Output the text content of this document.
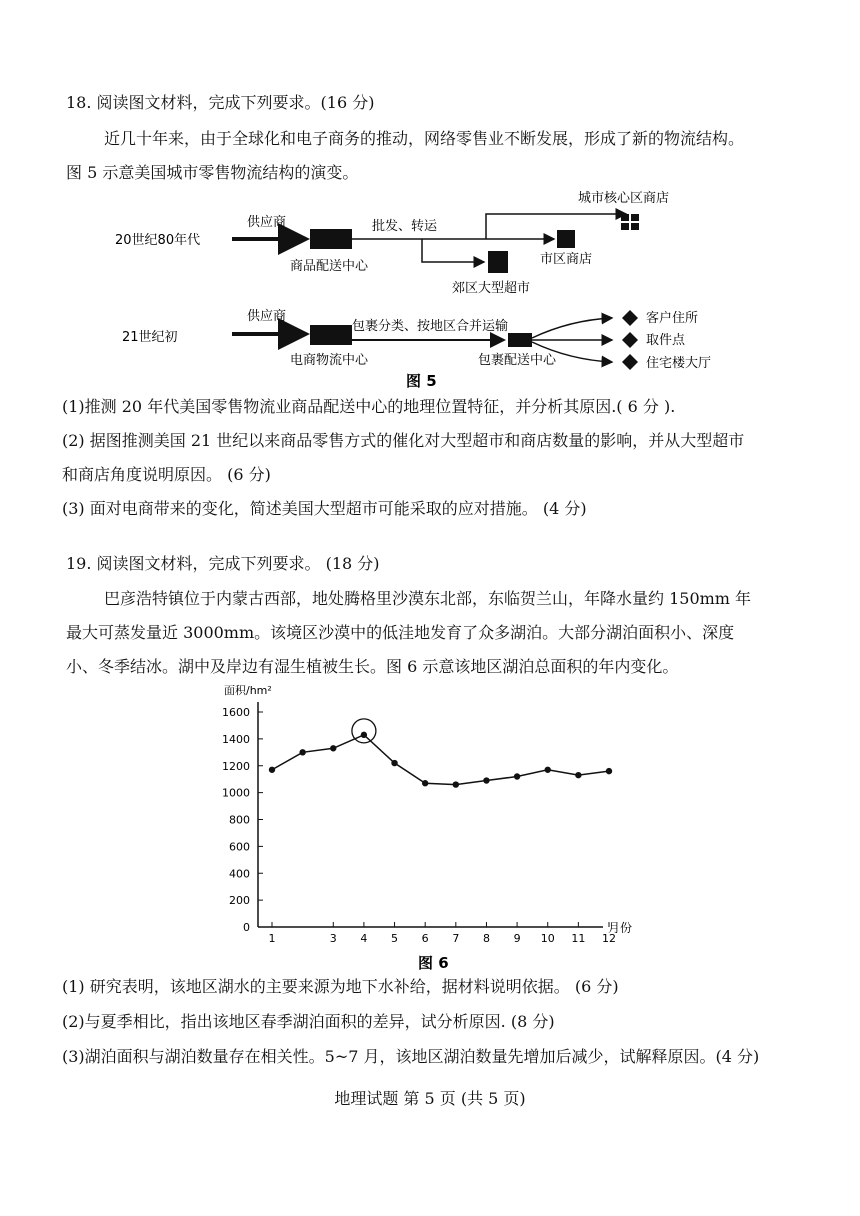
18. 阅读图文材料，完成下列要求。(16 分)
近几十年来，由于全球化和电子商务的推动，网络零售业不断发展，形成了新的物流结构。
图 5 示意美国城市零售物流结构的演变。
20世纪80年代
供应商
商品配送中心
批发、转运
城市核心区商店
市区商店
郊区大型超市
21世纪初
供应商
电商物流中心
包裹分类、按地区合并运输
包裹配送中心
客户住所
取件点
住宅楼大厅
图 5
(1)推测 20 年代美国零售物流业商品配送中心的地理位置特征，并分析其原因.( 6 分 ).
(2) 据图推测美国 21 世纪以来商品零售方式的催化对大型超市和商店数量的影响，并从大型超市
和商店角度说明原因。 (6 分)
(3) 面对电商带来的变化，简述美国大型超市可能采取的应对措施。 (4 分)
19. 阅读图文材料，完成下列要求。 (18 分)
巴彦浩特镇位于内蒙古西部，地处腾格里沙漠东北部，东临贺兰山，年降水量约 150mm 年
最大可蒸发量近 3000mm。该境区沙漠中的低洼地发育了众多湖泊。大部分湖泊面积小、深度
小、冬季结冰。湖中及岸边有湿生植被生长。图 6 示意该地区湖泊总面积的年内变化。
面积/hm²
月份
图 6
0
200
400
600
800
1000
1200
1400
1600
1	3 4 5 6 7 8 9 10 11 12
(1) 研究表明，该地区湖水的主要来源为地下水补给，据材料说明依据。 (6 分)
(2)与夏季相比，指出该地区春季湖泊面积的差异，试分析原因. (8 分)
(3)湖泊面积与湖泊数量存在相关性。5~7 月，该地区湖泊数量先增加后减少，试解释原因。(4 分)
地理试题 第 5 页 (共 5 页)
